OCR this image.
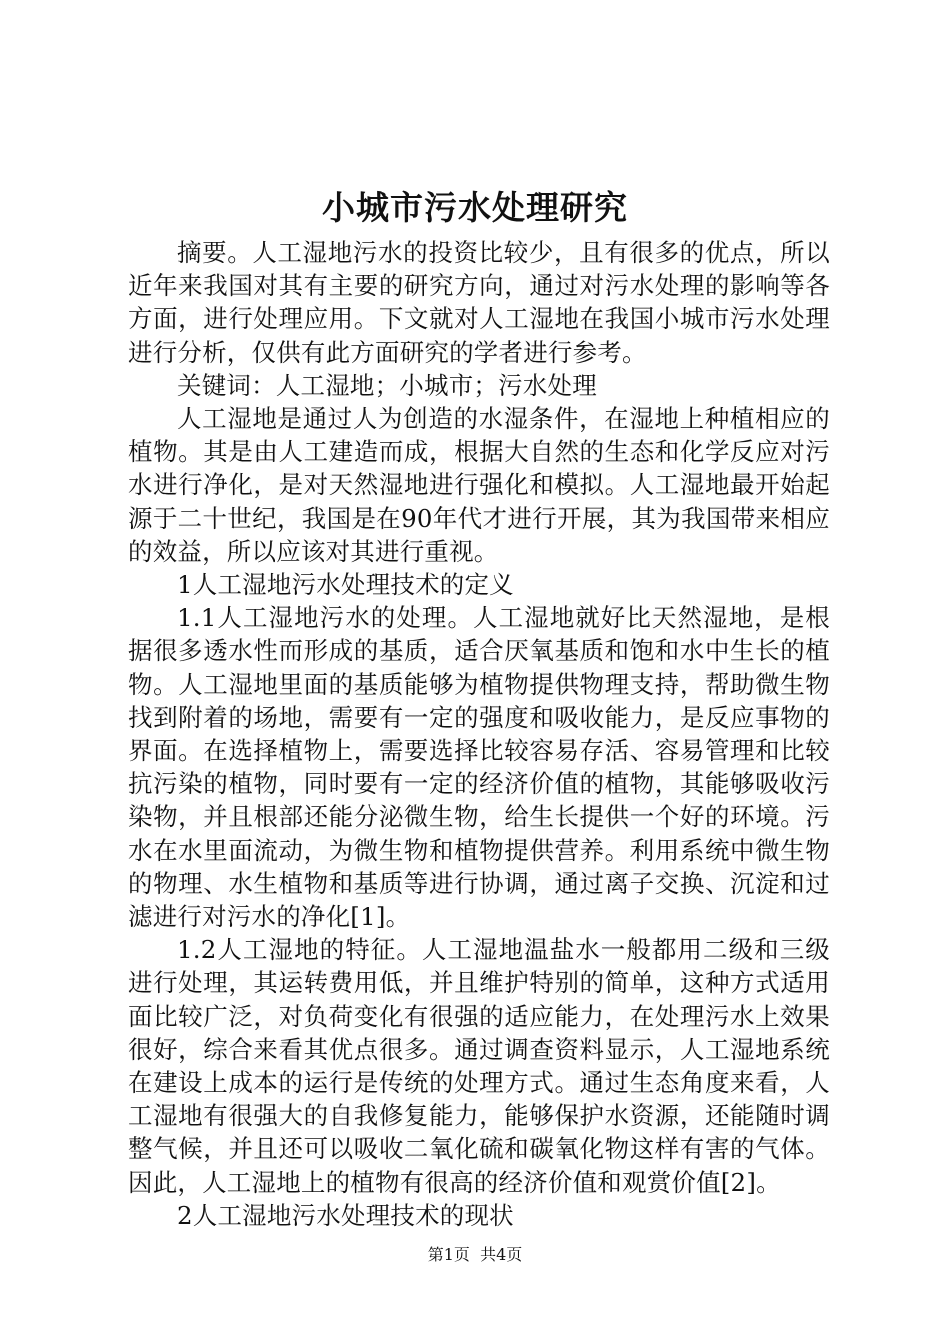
小城市污水处理研究

摘要。人工湿地污水的投资比较少，且有很多的优点，所以近年来我国对其有主要的研究方向，通过对污水处理的影响等各方面，进行处理应用。下文就对人工湿地在我国小城市污水处理进行分析，仅供有此方面研究的学者进行参考。

关键词：人工湿地；小城市；污水处理

人工湿地是通过人为创造的水湿条件，在湿地上种植相应的植物。其是由人工建造而成，根据大自然的生态和化学反应对污水进行净化，是对天然湿地进行强化和模拟。人工湿地最开始起源于二十世纪，我国是在90年代才进行开展，其为我国带来相应的效益，所以应该对其进行重视。

1人工湿地污水处理技术的定义

1.1人工湿地污水的处理。人工湿地就好比天然湿地，是根据很多透水性而形成的基质，适合厌氧基质和饱和水中生长的植物。人工湿地里面的基质能够为植物提供物理支持，帮助微生物找到附着的场地，需要有一定的强度和吸收能力，是反应事物的界面。在选择植物上，需要选择比较容易存活、容易管理和比较抗污染的植物，同时要有一定的经济价值的植物，其能够吸收污染物，并且根部还能分泌微生物，给生长提供一个好的环境。污水在水里面流动，为微生物和植物提供营养。利用系统中微生物的物理、水生植物和基质等进行协调，通过离子交换、沉淀和过滤进行对污水的净化[1]。

1.2人工湿地的特征。人工湿地温盐水一般都用二级和三级进行处理，其运转费用低，并且维护特别的简单，这种方式适用面比较广泛，对负荷变化有很强的适应能力，在处理污水上效果很好，综合来看其优点很多。通过调查资料显示，人工湿地系统在建设上成本的运行是传统的处理方式。通过生态角度来看，人工湿地有很强大的自我修复能力，能够保护水资源，还能随时调整气候，并且还可以吸收二氧化硫和碳氧化物这样有害的气体。因此，人工湿地上的植物有很高的经济价值和观赏价值[2]。

2人工湿地污水处理技术的现状

第1页 共4页
